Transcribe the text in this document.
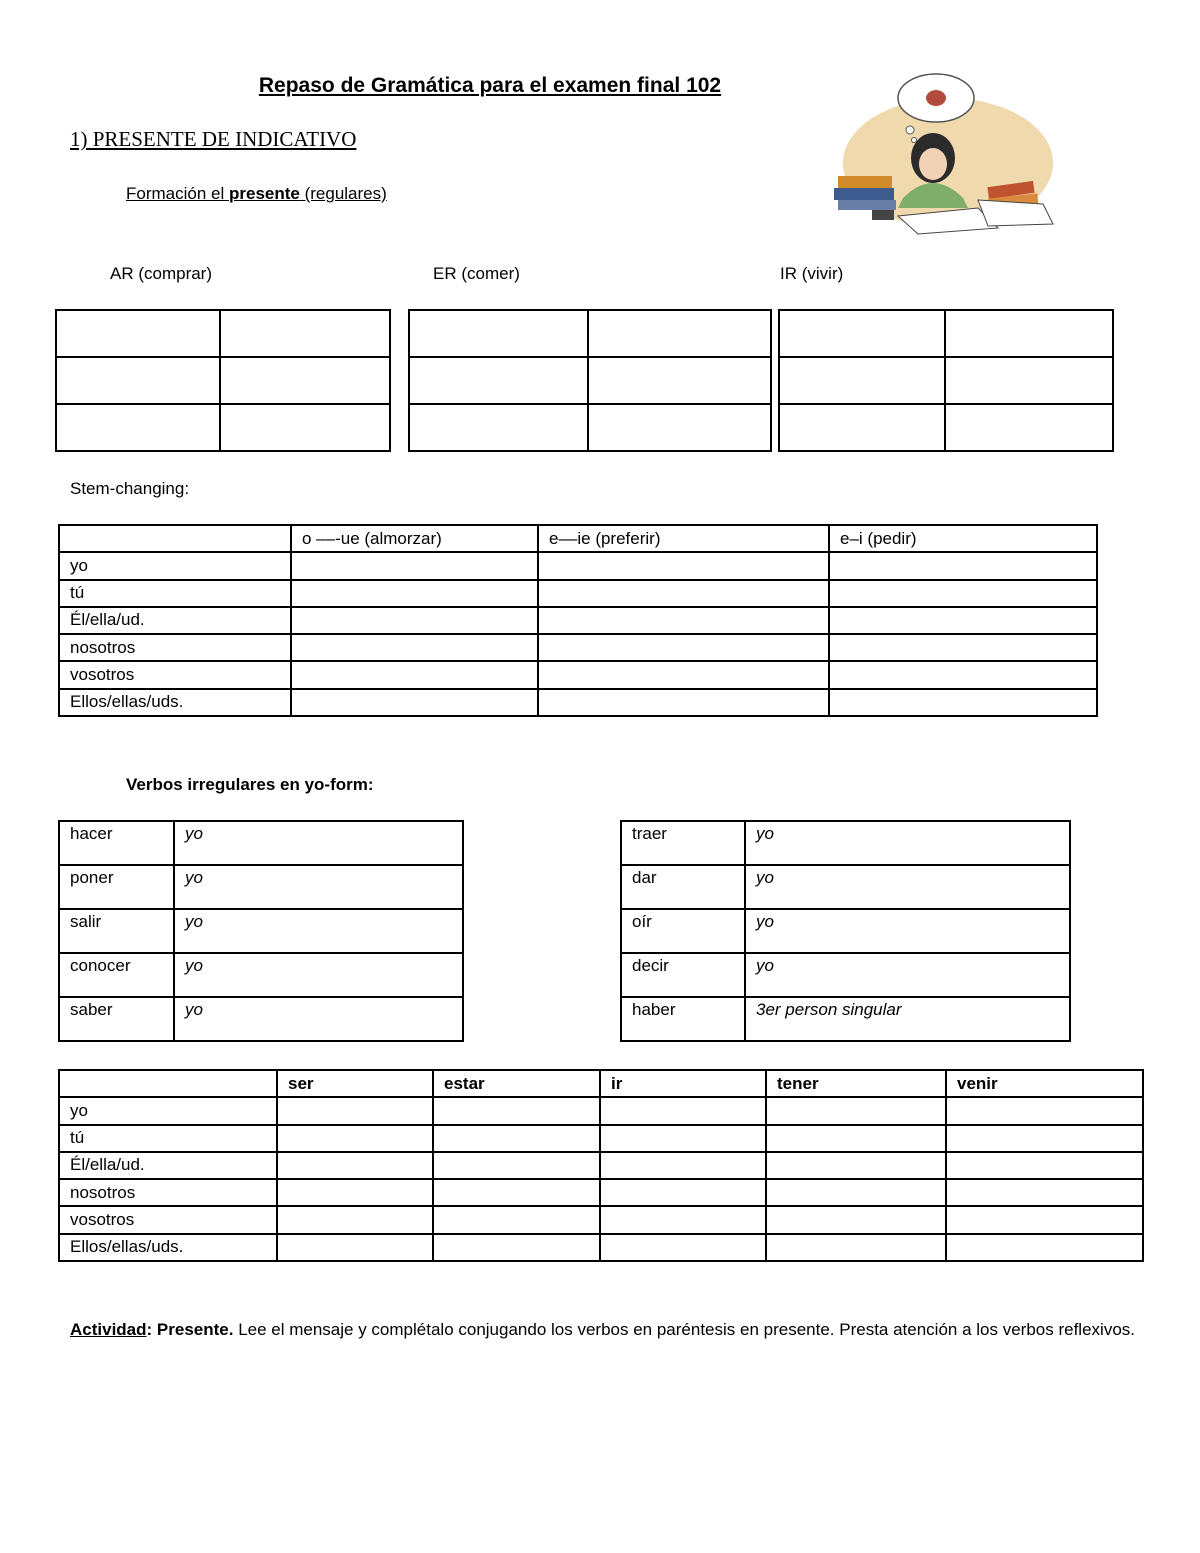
Repaso de Gramática para el examen final 102
1) PRESENTE DE INDICATIVO
Formación el presente (regulares)
AR (comprar)	ER (comer)	IR (vivir)

Stem-changing:
	o ––-ue (almorzar)	e––ie (preferir)	e–i (pedir)
yo			
tú			
Él/ella/ud.			
nosotros			
vosotros			
Ellos/ellas/uds.			
Verbos irregulares en yo-form:
hacer	yo
poner	yo
salir	yo
conocer	yo
saber	yo
traer	yo
dar	yo
oír	yo
decir	yo
haber	3er person singular
	ser	estar	ir	tener	venir
yo					
tú					
Él/ella/ud.					
nosotros					
vosotros					
Ellos/ellas/uds.					
Actividad: Presente. Lee el mensaje y complétalo conjugando los verbos en paréntesis en presente. Presta atención a los verbos reflexivos.
